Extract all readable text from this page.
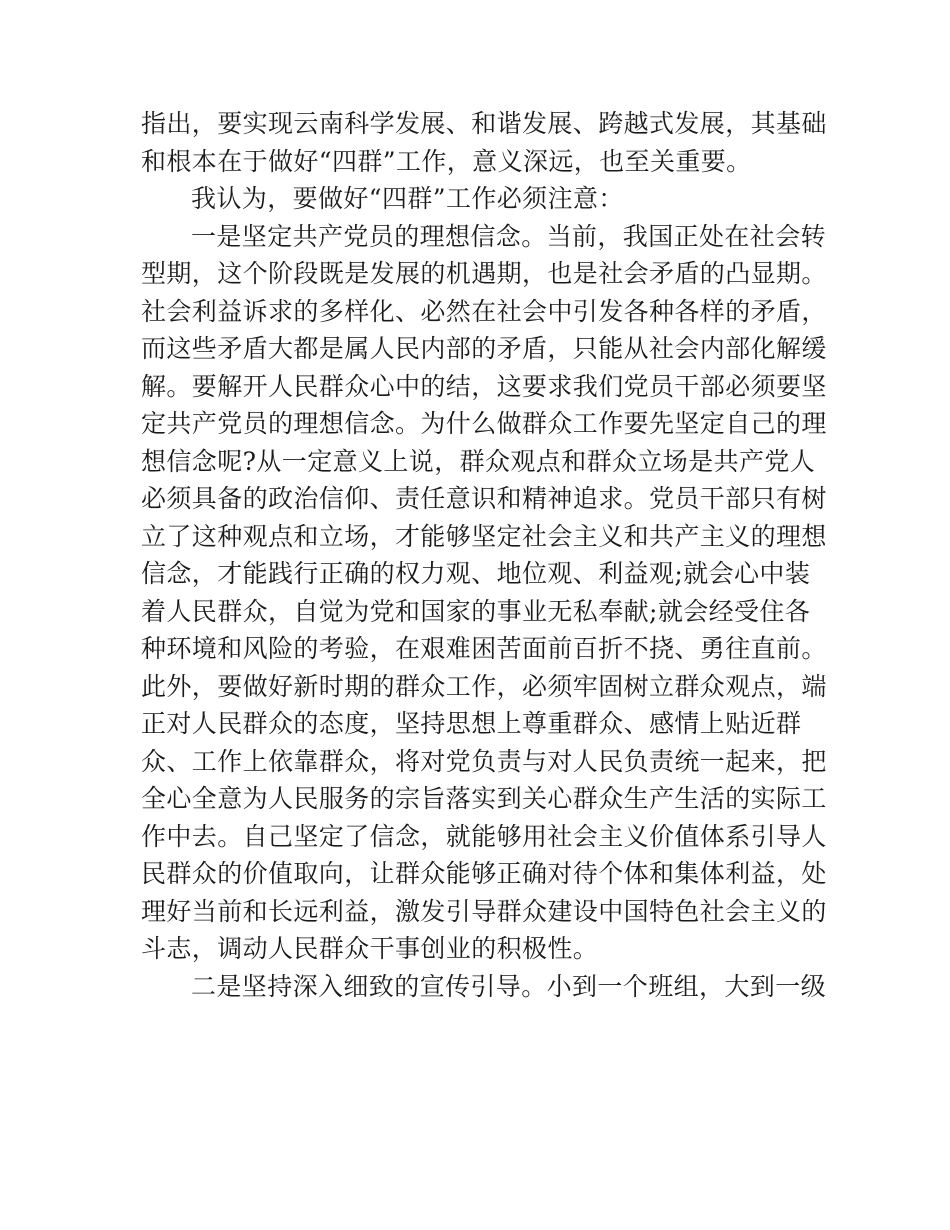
指出，要实现云南科学发展、和谐发展、跨越式发展，其基础
和根本在于做好“四群”工作，意义深远，也至关重要。
我认为，要做好“四群”工作必须注意：
一是坚定共产党员的理想信念。当前，我国正处在社会转
型期，这个阶段既是发展的机遇期，也是社会矛盾的凸显期。
社会利益诉求的多样化、必然在社会中引发各种各样的矛盾，
而这些矛盾大都是属人民内部的矛盾，只能从社会内部化解缓
解。要解开人民群众心中的结，这要求我们党员干部必须要坚
定共产党员的理想信念。为什么做群众工作要先坚定自己的理
想信念呢?从一定意义上说，群众观点和群众立场是共产党人
必须具备的政治信仰、责任意识和精神追求。党员干部只有树
立了这种观点和立场，才能够坚定社会主义和共产主义的理想
信念，才能践行正确的权力观、地位观、利益观;就会心中装
着人民群众，自觉为党和国家的事业无私奉献;就会经受住各
种环境和风险的考验，在艰难困苦面前百折不挠、勇往直前。
此外，要做好新时期的群众工作，必须牢固树立群众观点，端
正对人民群众的态度，坚持思想上尊重群众、感情上贴近群
众、工作上依靠群众，将对党负责与对人民负责统一起来，把
全心全意为人民服务的宗旨落实到关心群众生产生活的实际工
作中去。自己坚定了信念，就能够用社会主义价值体系引导人
民群众的价值取向，让群众能够正确对待个体和集体利益，处
理好当前和长远利益，激发引导群众建设中国特色社会主义的
斗志，调动人民群众干事创业的积极性。
二是坚持深入细致的宣传引导。小到一个班组，大到一级
